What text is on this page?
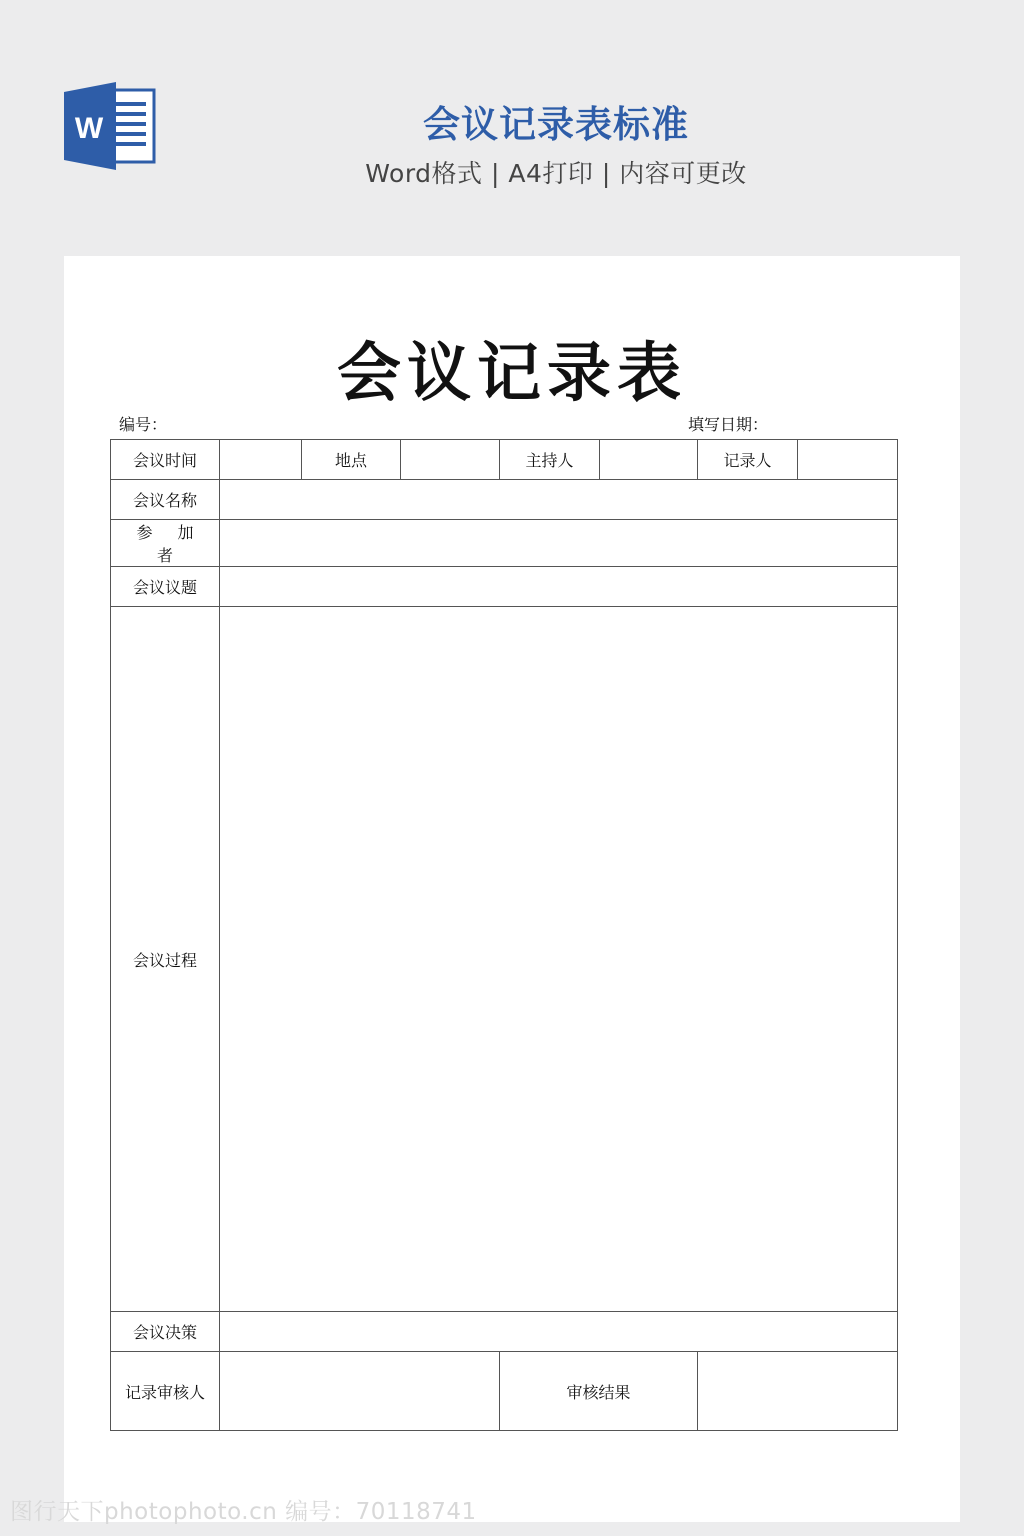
W	会议记录表标准
Word格式 | A4打印 | 内容可更改
会议记录表
编号：	填写日期：
会议时间		地点		主持人		记录人	
会议名称							
参 加 者							
会议议题							
会议过程							
会议决策							
记录审核人				审核结果			
图行天下photophoto.cn 编号：70118741
